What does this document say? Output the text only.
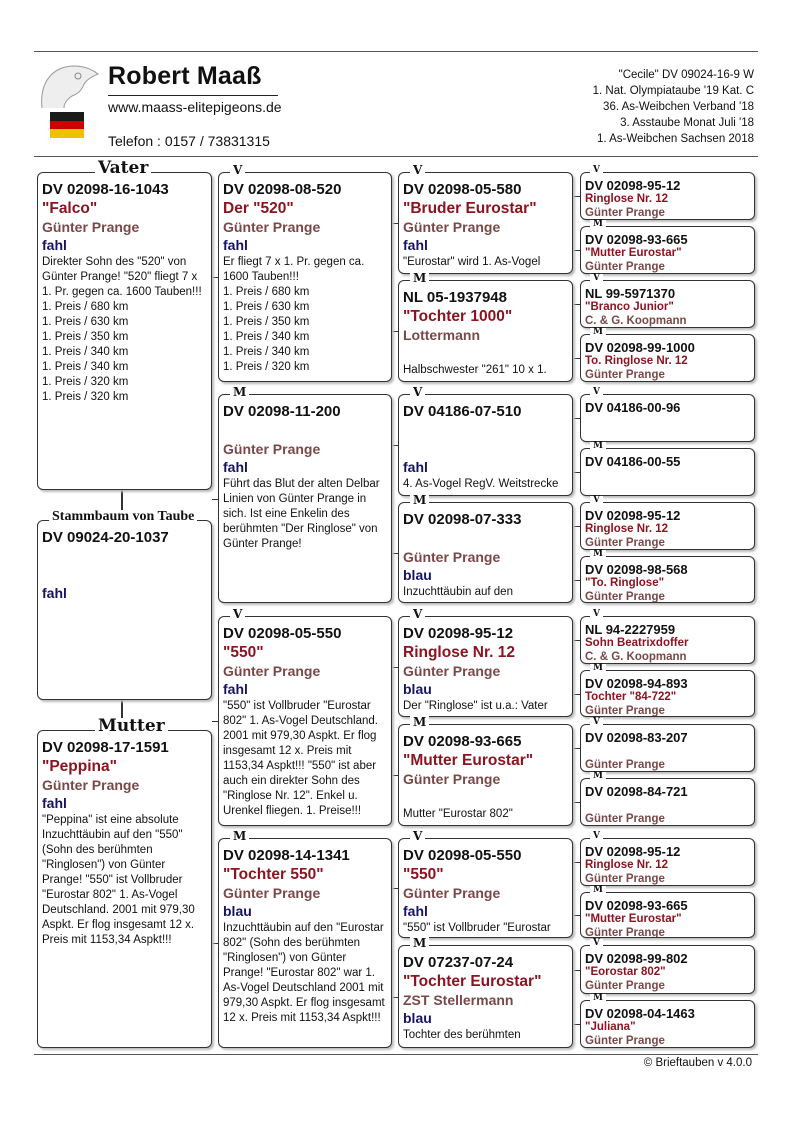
Robert Maaß
www.maass-elitepigeons.de
Telefon : 0157 / 73831315
"Cecile" DV 09024-16-9 W
1. Nat. Olympiataube '19 Kat. C
36. As-Weibchen Verband '18
3. Asstaube Monat Juli '18
1. As-Weibchen Sachsen 2018
DV 02098-16-1043
"Falco"
Günter Prange
fahl
Direkter Sohn des "520" von Günter Prange! "520" fliegt 7 x 1. Pr. gegen ca. 1600 Tauben!!!
1. Preis / 680 km
1. Preis / 630 km
1. Preis / 350 km
1. Preis / 340 km
1. Preis / 340 km
1. Preis / 320 km
1. Preis / 320 km
Vater
DV 09024-20-1037
fahl
Stammbaum von Taube
DV 02098-17-1591
"Peppina"
Günter Prange
fahl
"Peppina" ist eine absolute Inzuchttäubin auf den "550" (Sohn des berühmten "Ringlosen") von Günter Prange! "550" ist Vollbruder "Eurostar 802" 1. As-Vogel Deutschland. 2001 mit 979,30 Aspkt. Er flog insgesamt 12 x. Preis mit 1153,34 Aspkt!!!
Mutter
DV 02098-08-520
Der "520"
Günter Prange
fahl
Er fliegt 7 x 1. Pr. gegen ca. 1600 Tauben!!!
1. Preis / 680 km
1. Preis / 630 km
1. Preis / 350 km
1. Preis / 340 km
1. Preis / 340 km
1. Preis / 320 km
V
DV 02098-11-200
Günter Prange
fahl
Führt das Blut der alten Delbar Linien von Günter Prange in sich. Ist eine Enkelin des berühmten "Der Ringlose" von Günter Prange!
M
DV 02098-05-550
"550"
Günter Prange
fahl
"550" ist Vollbruder "Eurostar 802" 1. As-Vogel Deutschland. 2001 mit 979,30 Aspkt. Er flog insgesamt 12 x. Preis mit 1153,34 Aspkt!!! "550" ist aber auch ein direkter Sohn des "Ringlose Nr. 12". Enkel u. Urenkel fliegen. 1. Preise!!!
V
DV 02098-14-1341
"Tochter 550"
Günter Prange
blau
Inzuchttäubin auf den "Eurostar 802" (Sohn des berühmten "Ringlosen") von Günter Prange! "Eurostar 802" war 1. As-Vogel Deutschland 2001 mit 979,30 Aspkt. Er flog insgesamt 12 x. Preis mit 1153,34 Aspkt!!!
M
DV 02098-05-580
"Bruder Eurostar"
Günter Prange
fahl
"Eurostar" wird 1. As-Vogel
V
NL 05-1937948
"Tochter 1000"
Lottermann
Halbschwester "261" 10 x 1.
M
DV 04186-07-510
fahl
4. As-Vogel RegV. Weitstrecke
V
DV 02098-07-333
Günter Prange
blau
Inzuchttäubin auf den
M
DV 02098-95-12
Ringlose Nr. 12
Günter Prange
blau
Der "Ringlose" ist u.a.: Vater
V
DV 02098-93-665
"Mutter Eurostar"
Günter Prange
Mutter "Eurostar 802"
M
DV 02098-05-550
"550"
Günter Prange
fahl
"550" ist Vollbruder "Eurostar
V
DV 07237-07-24
"Tochter Eurostar"
ZST Stellermann
blau
Tochter des berühmten
M
DV 02098-95-12
Ringlose Nr. 12
Günter Prange
V
DV 02098-93-665
"Mutter Eurostar"
Günter Prange
M
NL 99-5971370
"Branco Junior"
C. & G. Koopmann
V
DV 02098-99-1000
To. Ringlose Nr. 12
Günter Prange
M
DV 04186-00-96
V
DV 04186-00-55
M
DV 02098-95-12
Ringlose Nr. 12
Günter Prange
V
DV 02098-98-568
"To. Ringlose"
Günter Prange
M
NL 94-2227959
Sohn Beatrixdoffer
C. & G. Koopmann
V
DV 02098-94-893
Tochter "84-722"
Günter Prange
M
DV 02098-83-207
Günter Prange
V
DV 02098-84-721
Günter Prange
M
DV 02098-95-12
Ringlose Nr. 12
Günter Prange
V
DV 02098-93-665
"Mutter Eurostar"
Günter Prange
M
DV 02098-99-802
"Eorostar 802"
Günter Prange
V
DV 02098-04-1463
"Juliana"
Günter Prange
M
© Brieftauben v 4.0.0
